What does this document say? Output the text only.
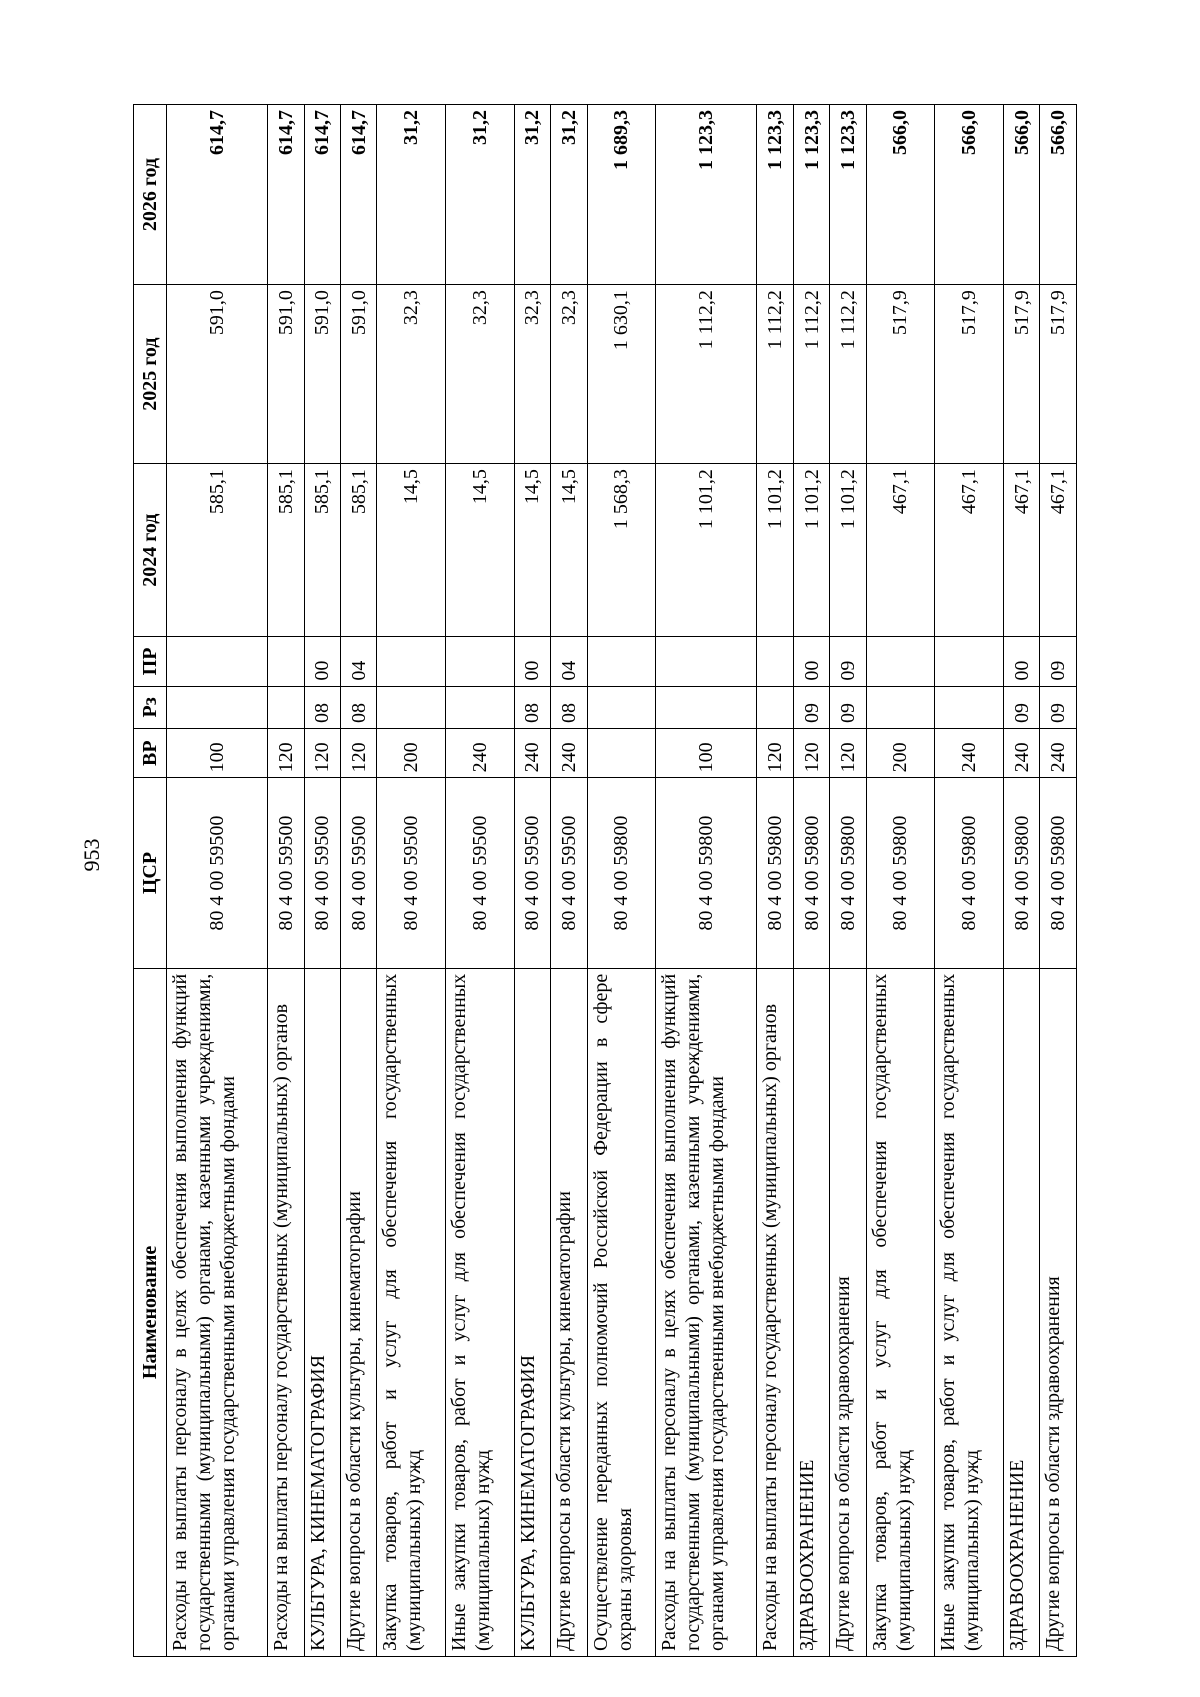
953
Наименование	ЦСР	ВР	Рз	ПР	2024 год	2025 год	2026 год
Расходы на выплаты персоналу в целях обеспечения выполнения функций государственными (муниципальными) органами, казенными учреждениями, органами управления государственными внебюджетными фондами	80 4 00 59500	100			585,1	591,0	614,7
Расходы на выплаты персоналу государственных (муниципальных) органов	80 4 00 59500	120			585,1	591,0	614,7
КУЛЬТУРА, КИНЕМАТОГРАФИЯ	80 4 00 59500	120	08	00	585,1	591,0	614,7
Другие вопросы в области культуры, кинематографии	80 4 00 59500	120	08	04	585,1	591,0	614,7
Закупка товаров, работ и услуг для обеспечения государственных (муниципальных) нужд	80 4 00 59500	200			14,5	32,3	31,2
Иные закупки товаров, работ и услуг для обеспечения государственных (муниципальных) нужд	80 4 00 59500	240			14,5	32,3	31,2
КУЛЬТУРА, КИНЕМАТОГРАФИЯ	80 4 00 59500	240	08	00	14,5	32,3	31,2
Другие вопросы в области культуры, кинематографии	80 4 00 59500	240	08	04	14,5	32,3	31,2
Осуществление переданных полномочий Российской Федерации в сфере охраны здоровья	80 4 00 59800				1 568,3	1 630,1	1 689,3
Расходы на выплаты персоналу в целях обеспечения выполнения функций государственными (муниципальными) органами, казенными учреждениями, органами управления государственными внебюджетными фондами	80 4 00 59800	100			1 101,2	1 112,2	1 123,3
Расходы на выплаты персоналу государственных (муниципальных) органов	80 4 00 59800	120			1 101,2	1 112,2	1 123,3
ЗДРАВООХРАНЕНИЕ	80 4 00 59800	120	09	00	1 101,2	1 112,2	1 123,3
Другие вопросы в области здравоохранения	80 4 00 59800	120	09	09	1 101,2	1 112,2	1 123,3
Закупка товаров, работ и услуг для обеспечения государственных (муниципальных) нужд	80 4 00 59800	200			467,1	517,9	566,0
Иные закупки товаров, работ и услуг для обеспечения государственных (муниципальных) нужд	80 4 00 59800	240			467,1	517,9	566,0
ЗДРАВООХРАНЕНИЕ	80 4 00 59800	240	09	00	467,1	517,9	566,0
Другие вопросы в области здравоохранения	80 4 00 59800	240	09	09	467,1	517,9	566,0
